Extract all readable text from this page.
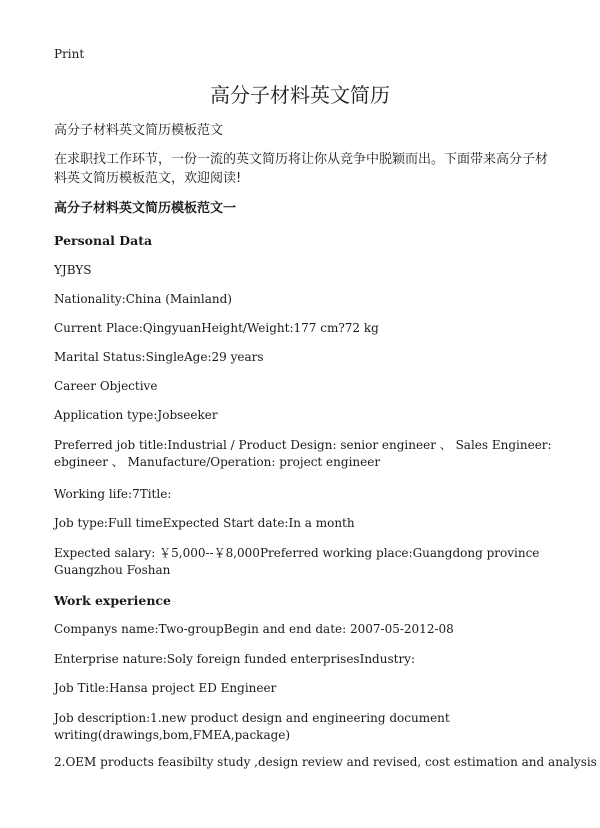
Print
高分子材料英文简历
高分子材料英文简历模板范文
在求职找工作环节，一份一流的英文简历将让你从竞争中脱颖而出。下面带来高分子材料英文简历模板范文，欢迎阅读!
高分子材料英文简历模板范文一
Personal Data
YJBYS
Nationality:China (Mainland)
Current Place:QingyuanHeight/Weight:177 cm?72 kg
Marital Status:SingleAge:29 years
Career Objective
Application type:Jobseeker
Preferred job title:Industrial / Product Design: senior engineer 、 Sales Engineer: ebgineer 、 Manufacture/Operation: project engineer
Working life:7Title:
Job type:Full timeExpected Start date:In a month
Expected salary: ￥5,000--￥8,000Preferred working place:Guangdong province Guangzhou Foshan
Work experience
Companys name:Two-groupBegin and end date: 2007-05-2012-08
Enterprise nature:Soly foreign funded enterprisesIndustry:
Job Title:Hansa project ED Engineer
Job description:1.new product design and engineering document writing(drawings,bom,FMEA,package)
2.OEM products feasibilty study ,design review and revised, cost estimation and analysis
